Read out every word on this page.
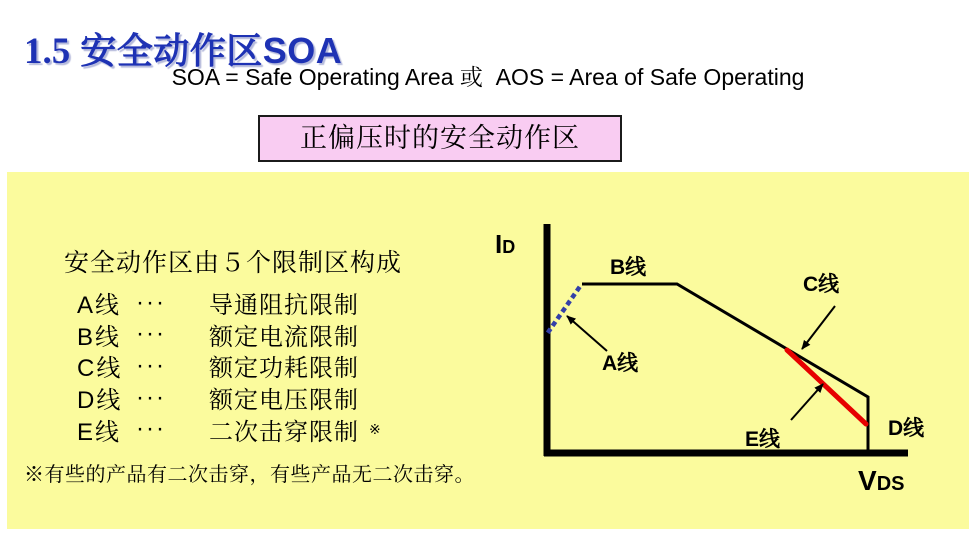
1.5 安全动作区SOA
SOA = Safe Operating Area 或  AOS = Area of Safe Operating
正偏压时的安全动作区
安全动作区由５个限制区构成
A线 ···	导通阻抗限制
B线 ···	额定电流限制
C线 ···	额定功耗限制
D线 ···	额定电压限制
E线 ···	二次击穿限制 ※
※有些的产品有二次击穿，有些产品无二次击穿。
B线
C线
A线
E线	D线
ID
VDS
